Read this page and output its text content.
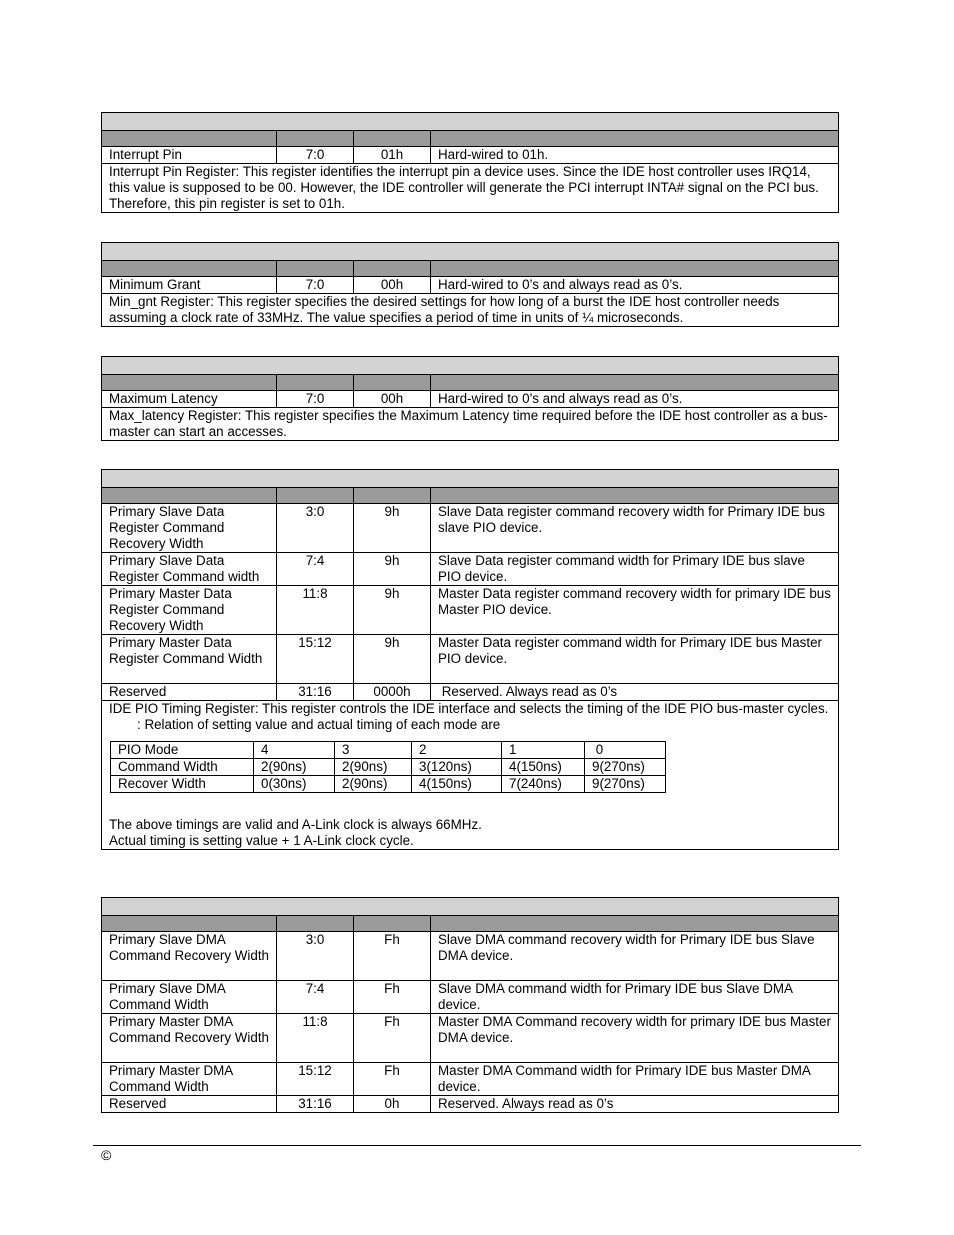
Interrupt Pin	7:0	01h	Hard-wired to 01h.
Interrupt Pin Register: This register identifies the interrupt pin a device uses. Since the IDE host controller uses IRQ14, this value is supposed to be 00. However, the IDE controller will generate the PCI interrupt INTA# signal on the PCI bus. Therefore, this pin register is set to 01h.			

Minimum Grant	7:0	00h	Hard-wired to 0’s and always read as 0’s.
Min_gnt Register: This register specifies the desired settings for how long of a burst the IDE host controller needs assuming a clock rate of 33MHz. The value specifies a period of time in units of ¼ microseconds.			

Maximum Latency	7:0	00h	Hard-wired to 0’s and always read as 0’s.
Max_latency Register: This register specifies the Maximum Latency time required before the IDE host controller as a bus-master can start an accesses.			

Primary Slave Data Register Command Recovery Width	3:0	9h	Slave Data register command recovery width for Primary IDE bus slave PIO device.
Primary Slave Data Register Command width	7:4	9h	Slave Data register command width for Primary IDE bus slave PIO device.
Primary Master Data Register Command Recovery Width	11:8	9h	Master Data register command recovery width for primary IDE bus Master PIO device.
Primary Master Data Register Command Width	15:12	9h	Master Data register command width for Primary IDE bus Master PIO device.
Reserved	31:16	0000h	Reserved. Always read as 0’s

IDE PIO Timing Register: This register controls the IDE interface and selects the timing of the IDE PIO bus-master cycles.

: Relation of setting value and actual timing of each mode are

PIO Mode	4	3	2	1	0
Command Width	2(90ns)	2(90ns)	3(120ns)	4(150ns)	9(270ns)
Recover Width	0(30ns)	2(90ns)	4(150ns)	7(240ns)	9(270ns)

The above timings are valid and A-Link clock is always 66MHz.

Actual timing is setting value + 1 A-Link clock cycle.

Primary Slave DMA Command Recovery Width	3:0	Fh	Slave DMA command recovery width for Primary IDE bus Slave DMA device.
Primary Slave DMA Command Width	7:4	Fh	Slave DMA command width for Primary IDE bus Slave DMA device.
Primary Master DMA Command Recovery Width	11:8	Fh	Master DMA Command recovery width for primary IDE bus Master DMA device.
Primary Master DMA Command Width	15:12	Fh	Master DMA Command width for Primary IDE bus Master DMA device.
Reserved	31:16	0h	Reserved. Always read as 0’s
©
